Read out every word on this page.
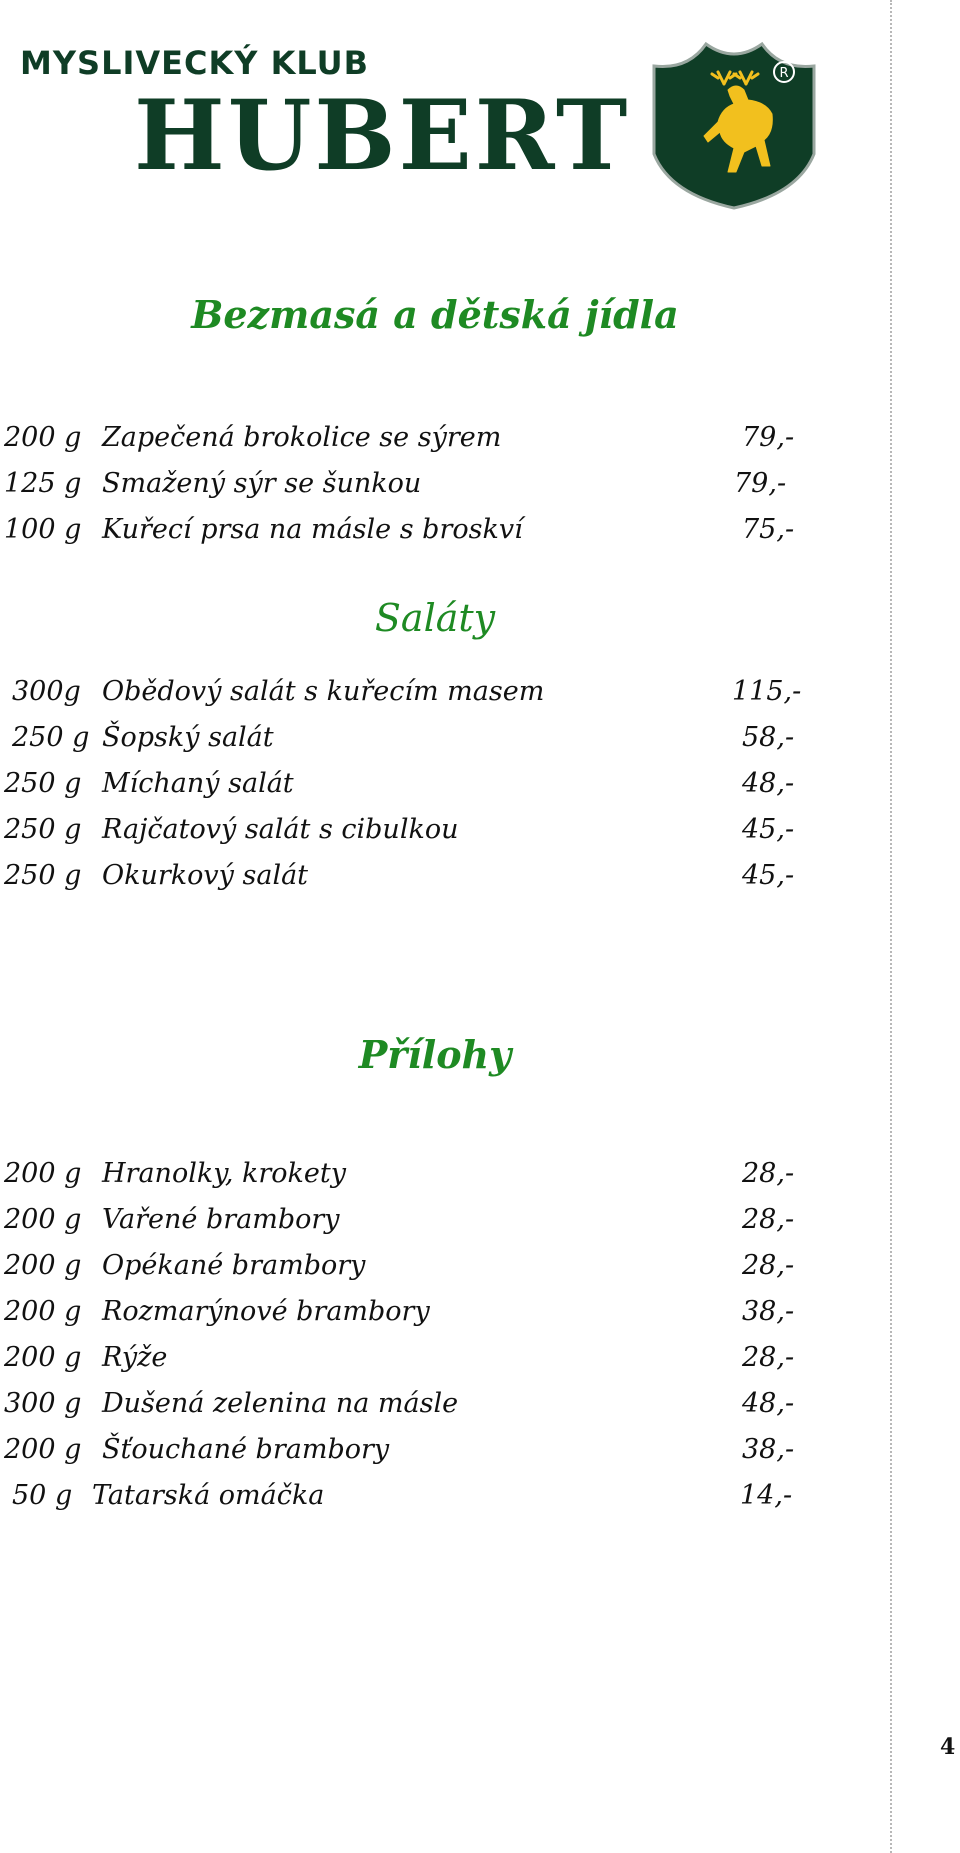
MYSLIVECKÝ KLUB
HUBERT
R
Bezmasá a dětská jídla
200 g Zapečená brokolice se sýrem	79,-
125 g Smažený sýr se šunkou	79,-
100 g Kuřecí prsa na másle s broskví	75,-
Saláty
300g Obědový salát s kuřecím masem	115,-
250 g Šopský salát	58,-
250 g Míchaný salát	48,-
250 g Rajčatový salát s cibulkou	45,-
250 g Okurkový salát	45,-
Přílohy
200 g Hranolky, krokety	28,-
200 g Vařené brambory	28,-
200 g Opékané brambory	28,-
200 g Rozmarýnové brambory	38,-
200 g Rýže	28,-
300 g Dušená zelenina na másle	48,-
200 g Šťouchané brambory	38,-
50 g Tatarská omáčka	14,-
4
